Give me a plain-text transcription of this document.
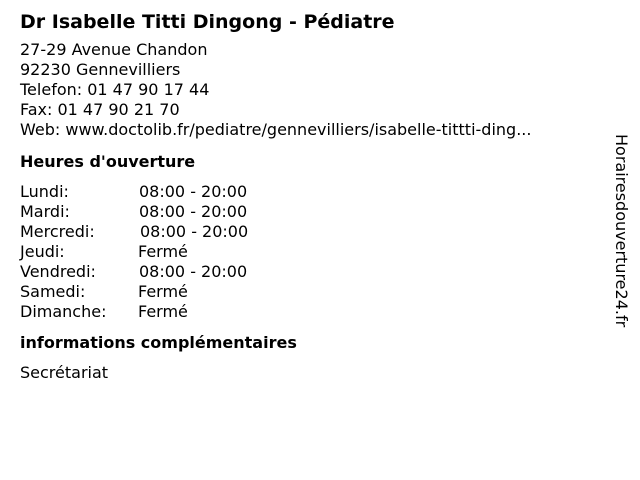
Dr Isabelle Titti Dingong - Pédiatre
27-29 Avenue Chandon
92230 Gennevilliers
Telefon: 01 47 90 17 44
Fax: 01 47 90 21 70
Web: www.doctolib.fr/pediatre/gennevilliers/isabelle-tittti-ding...
Heures d'ouverture
Lundi:	08:00 - 20:00
Mardi:	08:00 - 20:00
Mercredi:	08:00 - 20:00
Jeudi:	Fermé
Vendredi:	08:00 - 20:00
Samedi:	Fermé
Dimanche:	Fermé
informations complémentaires
Secrétariat
Horairesdouverture24.fr
